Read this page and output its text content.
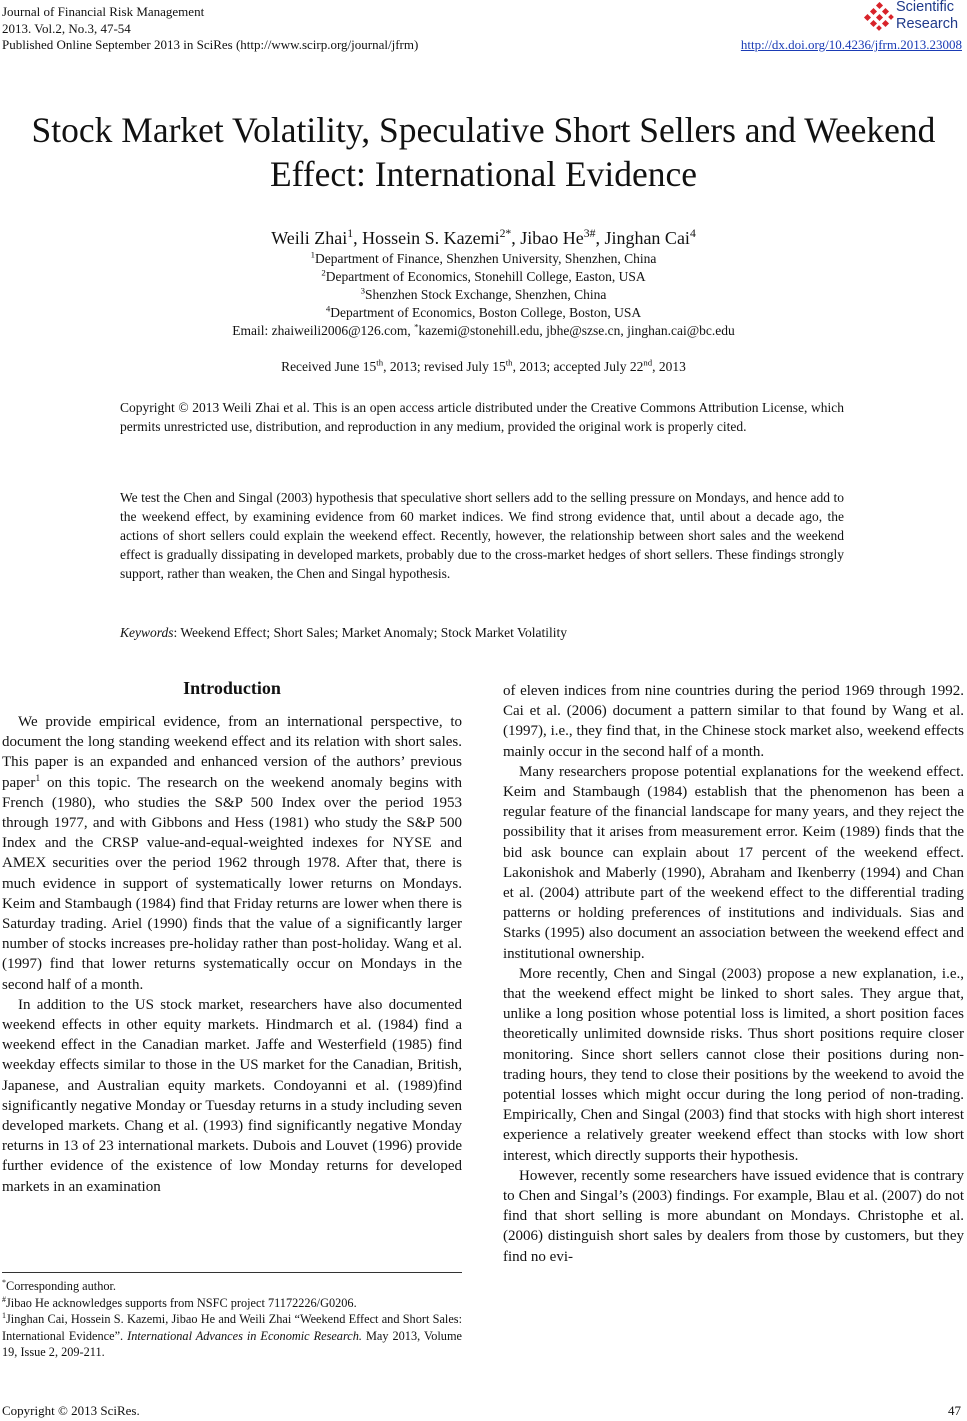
Journal of Financial Risk Management
2013. Vol.2, No.3, 47-54
Published Online September 2013 in SciRes (http://www.scirp.org/journal/jfrm)	http://dx.doi.org/10.4236/jfrm.2013.23008
Scientific
Research
Stock Market Volatility, Speculative Short Sellers and Weekend Effect: International Evidence
Weili Zhai$^1$, Hossein S. Kazemi$^{2*}$, Jibao $He^{3\#}$, Jinghan Cai$^4$
$^1$Department of Finance, Shenzhen University, Shenzhen, China
$^2$Department of Economics, Stonehill College, Easton, USA
$^3$Shenzhen Stock Exchange, Shenzhen, China
$^4$Department of Economics, Boston College, Boston, USA
Email: zhaiweili2006@126.com, *kazemi@stonehill.edu, jbhe@szse.cn, jinghan.cai@bc.edu
Received June 15th, 2013; revised July 15th, 2013; accepted July 22nd, 2013
Copyright © 2013 Weili Zhai et al. This is an open access article distributed under the Creative Commons Attribution License, which permits unrestricted use, distribution, and reproduction in any medium, provided the original work is properly cited.
We test the Chen and Singal (2003) hypothesis that speculative short sellers add to the selling pressure on Mondays, and hence add to the weekend effect, by examining evidence from 60 market indices. We find strong evidence that, until about a decade ago, the actions of short sellers could explain the weekend effect. Recently, however, the relationship between short sales and the weekend effect is gradually dissipating in developed markets, probably due to the cross-market hedges of short sellers. These findings strongly support, rather than weaken, the Chen and Singal hypothesis.
Keywords: Weekend Effect; Short Sales; Market Anomaly; Stock Market Volatility
Introduction

We provide empirical evidence, from an international perspective, to document the long standing weekend effect and its relation with short sales. This paper is an expanded and enhanced version of the authors’ previous paper$^1$ on this topic. The research on the weekend anomaly begins with French (1980), who studies the S&P 500 Index over the period 1953 through 1977, and with Gibbons and Hess (1981) who study the S&P 500 Index and the CRSP value-and-equal-weighted indexes for NYSE and AMEX securities over the period 1962 through 1978. After that, there is much evidence in support of systematically lower returns on Mondays. Keim and Stambaugh (1984) find that Friday returns are lower when there is Saturday trading. Ariel (1990) finds that the value of a significantly larger number of stocks increases pre-holiday rather than post-holiday. Wang et al. (1997) find that lower returns systematically occur on Mondays in the second half of a month.

In addition to the US stock market, researchers have also documented weekend effects in other equity markets. Hindmarch et al. (1984) find a weekend effect in the Canadian market. Jaffe and Westerfield (1985) find weekday effects similar to those in the US market for the Canadian, British, Japanese, and Australian equity markets. Condoyanni et al. (1989)find significantly negative Monday or Tuesday returns in a study including seven developed markets. Chang et al. (1993) find significantly negative Monday returns in 13 of 23 international markets. Dubois and Louvet (1996) provide further evidence of the existence of low Monday returns for developed markets in an examination

*Corresponding author.
#Jibao He acknowledges supports from NSFC project 71172226/G0206.
$^1$Jinghan Cai, Hossein S. Kazemi, Jibao He and Weili Zhai “Weekend Effect and Short Sales: International Evidence”. International Advances in Economic Research. May 2013, Volume 19, Issue 2, 209-211.

of eleven indices from nine countries during the period 1969 through 1992. Cai et al. (2006) document a pattern similar to that found by Wang et al. (1997), i.e., they find that, in the Chinese stock market also, weekend effects mainly occur in the second half of a month.

Many researchers propose potential explanations for the weekend effect. Keim and Stambaugh (1984) establish that the phenomenon has been a regular feature of the financial landscape for many years, and they reject the possibility that it arises from measurement error. Keim (1989) finds that the bid ask bounce can explain about 17 percent of the weekend effect. Lakonishok and Maberly (1990), Abraham and Ikenberry (1994) and Chan et al. (2004) attribute part of the weekend effect to the differential trading patterns or holding preferences of institutions and individuals. Sias and Starks (1995) also document an association between the weekend effect and institutional ownership.

More recently, Chen and Singal (2003) propose a new explanation, i.e., that the weekend effect might be linked to short sales. They argue that, unlike a long position whose potential loss is limited, a short position faces theoretically unlimited downside risks. Thus short positions require closer monitoring. Since short sellers cannot close their positions during non-trading hours, they tend to close their positions by the weekend to avoid the potential losses which might occur during the long period of non-trading. Empirically, Chen and Singal (2003) find that stocks with high short interest experience a relatively greater weekend effect than stocks with low short interest, which directly supports their hypothesis.

However, recently some researchers have issued evidence that is contrary to Chen and Singal’s (2003) findings. For example, Blau et al. (2007) do not find that short selling is more abundant on Mondays. Christophe et al. (2006) distinguish short sales by dealers from those by customers, but they find no evi-

Copyright © 2013 SciRes.	47
